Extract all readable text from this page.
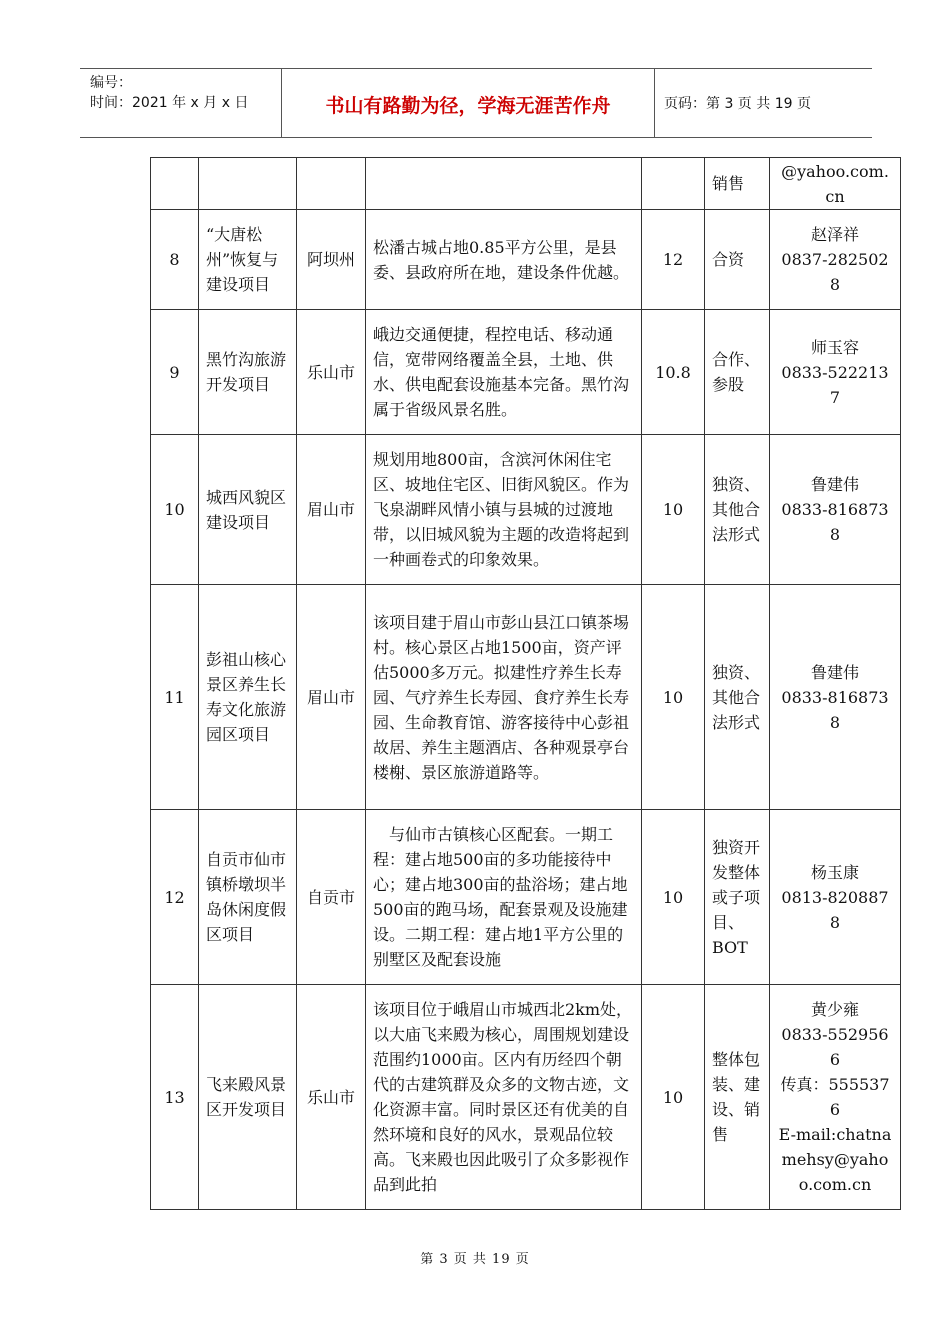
编号：
时间：2021 年 x 月 x 日	书山有路勤为径，学海无涯苦作舟	页码：第 3 页 共 19 页

					销售	@yahoo.com.cn

8	“大唐松州”恢复与建设项目	阿坝州	松潘古城占地0.85平方公里，是县委、县政府所在地，建设条件优越。	12	合资	赵泽祥
0837-2825028

9	黑竹沟旅游开发项目	乐山市	峨边交通便捷，程控电话、移动通信，宽带网络覆盖全县，土地、供水、供电配套设施基本完备。黑竹沟属于省级风景名胜。	10.8	合作、参股	师玉容
0833-5222137

10	城西风貌区建设项目	眉山市	规划用地800亩，含滨河休闲住宅区、坡地住宅区、旧街风貌区。作为飞泉湖畔风情小镇与县城的过渡地带，以旧城风貌为主题的改造将起到一种画卷式的印象效果。	10	独资、其他合法形式	鲁建伟
0833-8168738

11	彭祖山核心景区养生长寿文化旅游园区项目	眉山市	该项目建于眉山市彭山县江口镇茶埸村。核心景区占地1500亩，资产评估5000多万元。拟建性疗养生长寿园、气疗养生长寿园、食疗养生长寿园、生命教育馆、游客接待中心彭祖故居、养生主题酒店、各种观景亭台楼榭、景区旅游道路等。	10	独资、其他合法形式	鲁建伟
0833-8168738

12	自贡市仙市镇桥墩坝半岛休闲度假区项目	自贡市	　与仙市古镇核心区配套。一期工程：建占地500亩的多功能接待中心；建占地300亩的盐浴场；建占地500亩的跑马场，配套景观及设施建设。二期工程：建占地1平方公里的别墅区及配套设施	10	独资开发整体或子项目、BOT	杨玉康
0813-8208878

13	飞来殿风景区开发项目	乐山市	该项目位于峨眉山市城西北2km处，以大庙飞来殿为核心，周围规划建设范围约1000亩。区内有历经四个朝代的古建筑群及众多的文物古迹，文化资源丰富。同时景区还有优美的自然环境和良好的风水，景观品位较高。飞来殿也因此吸引了众多影视作品到此拍	10	整体包装、建设、销售	黄少雍
0833-5529566
传真：5555376
E-mail:chatnamehsy@yahoo.com.cn
第 3 页 共 19 页
